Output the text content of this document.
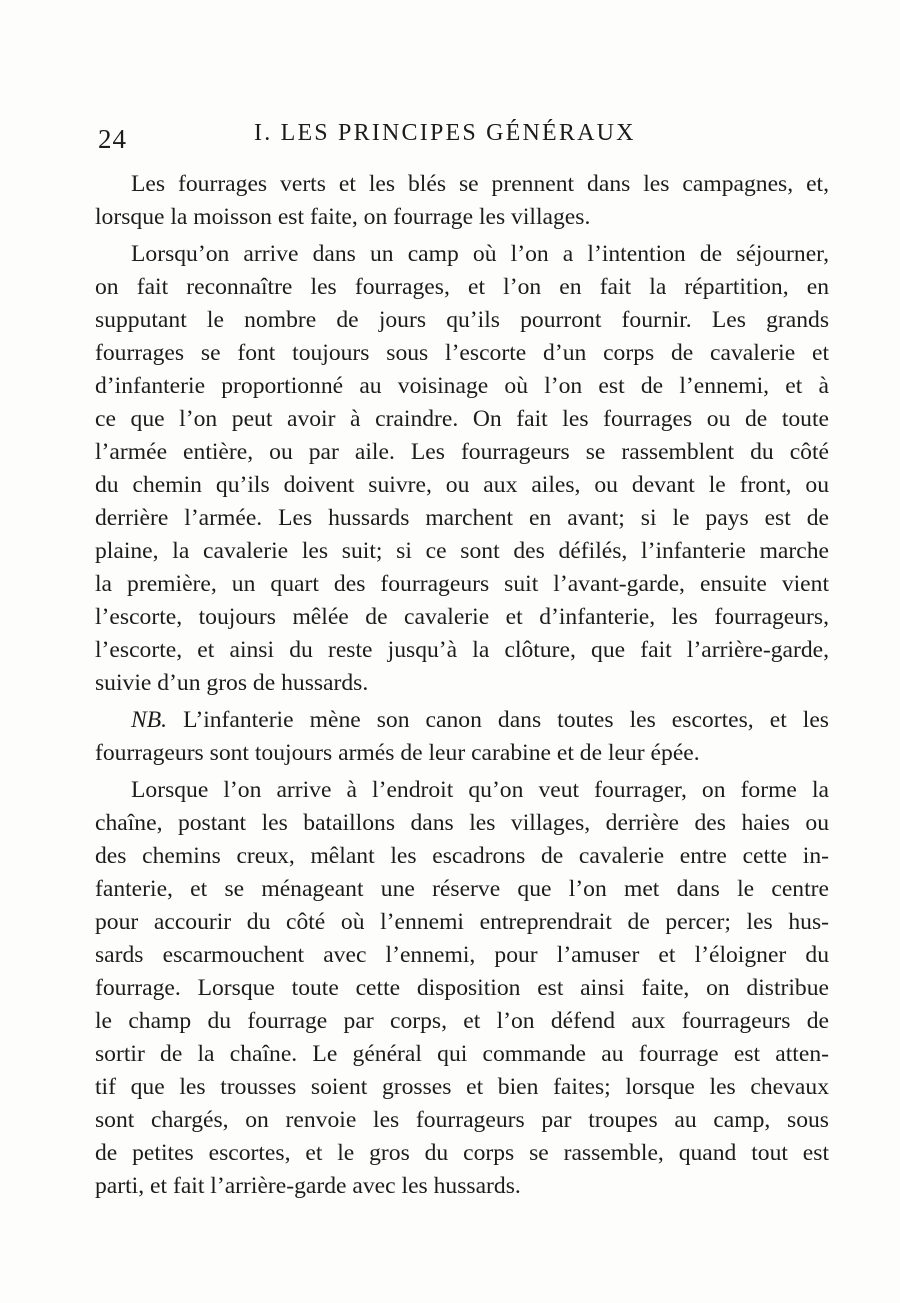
24	I. LES PRINCIPES GÉNÉRAUX
Les fourrages verts et les blés se prennent dans les campagnes, et,
lorsque la moisson est faite, on fourrage les villages.
Lorsqu’on arrive dans un camp où l’on a l’intention de séjourner,
on fait reconnaître les fourrages, et l’on en fait la répartition, en
supputant le nombre de jours qu’ils pourront fournir. Les grands
fourrages se font toujours sous l’escorte d’un corps de cavalerie et
d’infanterie proportionné au voisinage où l’on est de l’ennemi, et à
ce que l’on peut avoir à craindre. On fait les fourrages ou de toute
l’armée entière, ou par aile. Les fourrageurs se rassemblent du côté
du chemin qu’ils doivent suivre, ou aux ailes, ou devant le front, ou
derrière l’armée. Les hussards marchent en avant; si le pays est de
plaine, la cavalerie les suit; si ce sont des défilés, l’infanterie marche
la première, un quart des fourrageurs suit l’avant-garde, ensuite vient
l’escorte, toujours mêlée de cavalerie et d’infanterie, les fourrageurs,
l’escorte, et ainsi du reste jusqu’à la clôture, que fait l’arrière-garde,
suivie d’un gros de hussards.
NB. L’infanterie mène son canon dans toutes les escortes, et les
fourrageurs sont toujours armés de leur carabine et de leur épée.
Lorsque l’on arrive à l’endroit qu’on veut fourrager, on forme la
chaîne, postant les bataillons dans les villages, derrière des haies ou
des chemins creux, mêlant les escadrons de cavalerie entre cette in-
fanterie, et se ménageant une réserve que l’on met dans le centre
pour accourir du côté où l’ennemi entreprendrait de percer; les hus-
sards escarmouchent avec l’ennemi, pour l’amuser et l’éloigner du
fourrage. Lorsque toute cette disposition est ainsi faite, on distribue
le champ du fourrage par corps, et l’on défend aux fourrageurs de
sortir de la chaîne. Le général qui commande au fourrage est atten-
tif que les trousses soient grosses et bien faites; lorsque les chevaux
sont chargés, on renvoie les fourrageurs par troupes au camp, sous
de petites escortes, et le gros du corps se rassemble, quand tout est
parti, et fait l’arrière-garde avec les hussards.
